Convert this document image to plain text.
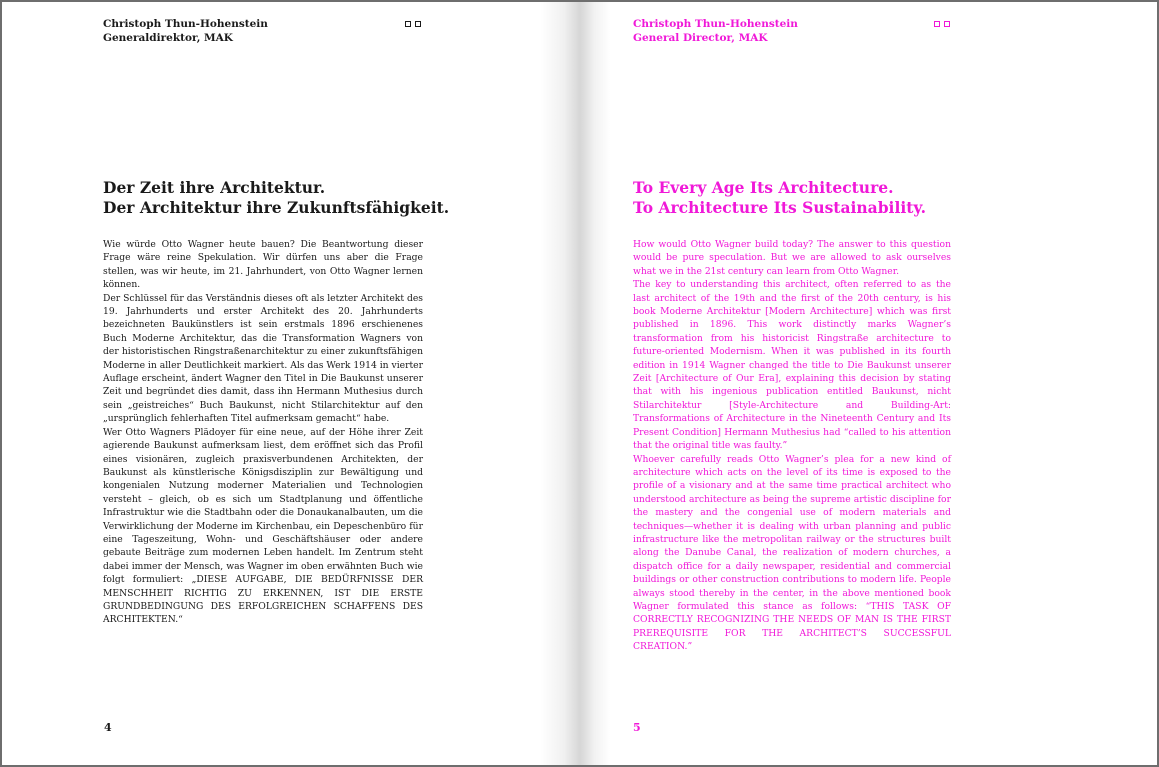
Christoph Thun-Hohenstein
Generaldirektor, MAK
Der Zeit ihre Architektur.
Der Architektur ihre Zukunftsfähigkeit.

Wie würde Otto Wagner heute bauen? Die Beantwortung dieser Frage wäre reine Spekulation. Wir dürfen uns aber die Frage stellen, was wir heute, im 21. Jahrhundert, von Otto Wagner lernen können.

Der Schlüssel für das Verständnis dieses oft als letzter Architekt des 19. Jahrhunderts und erster Architekt des 20. Jahrhunderts bezeichneten Baukünstlers ist sein erstmals 1896 erschienenes Buch Moderne Architektur, das die Transformation Wagners von der historistischen Ringstraßenarchitektur zu einer zukunftsfähigen Moderne in aller Deutlichkeit markiert. Als das Werk 1914 in vierter Auflage erscheint, ändert Wagner den Titel in Die Baukunst unserer Zeit und begründet dies damit, dass ihn Hermann Muthesius durch sein „geistreiches“ Buch Baukunst, nicht Stilarchitektur auf den „ursprünglich fehlerhaften Titel aufmerksam gemacht“ habe.

Wer Otto Wagners Plädoyer für eine neue, auf der Höhe ihrer Zeit agierende Baukunst aufmerksam liest, dem eröffnet sich das Profil eines visionären, zugleich praxisverbundenen Architekten, der Baukunst als künstlerische Königsdisziplin zur Bewältigung und kongenialen Nutzung moderner Materialien und Technologien versteht – gleich, ob es sich um Stadtplanung und öffentliche Infrastruktur wie die Stadtbahn oder die Donaukanalbauten, um die Verwirklichung der Moderne im Kirchenbau, ein Depeschenbüro für eine Tageszeitung, Wohn- und Geschäftshäuser oder andere gebaute Beiträge zum modernen Leben handelt. Im Zentrum steht dabei immer der Mensch, was Wagner im oben erwähnten Buch wie folgt formuliert: „DIESE AUFGABE, DIE BEDÜRFNISSE DER MENSCHHEIT RICHTIG ZU ERKENNEN, IST DIE ERSTE GRUNDBEDINGUNG DES ERFOLGREICHEN SCHAFFENS DES ARCHITEKTEN.“

4
Christoph Thun-Hohenstein
General Director, MAK
To Every Age Its Architecture.
To Architecture Its Sustainability.

How would Otto Wagner build today? The answer to this question would be pure speculation. But we are allowed to ask ourselves what we in the 21st century can learn from Otto Wagner.

The key to understanding this architect, often referred to as the last architect of the 19th and the first of the 20th century, is his book Moderne Architektur [Modern Architecture] which was first published in 1896. This work distinctly marks Wagner’s transformation from his historicist Ringstraße architecture to future-oriented Modernism. When it was published in its fourth edition in 1914 Wagner changed the title to Die Baukunst unserer Zeit [Architecture of Our Era], explaining this decision by stating that with his ingenious publication entitled Baukunst, nicht Stilarchitektur [Style-Architecture and Building-Art: Transformations of Architecture in the Nineteenth Century and Its Present Condition] Hermann Muthesius had “called to his attention that the original title was faulty.”

Whoever carefully reads Otto Wagner’s plea for a new kind of architecture which acts on the level of its time is exposed to the profile of a visionary and at the same time practical architect who understood architecture as being the supreme artistic discipline for the mastery and the congenial use of modern materials and techniques—whether it is dealing with urban planning and public infrastructure like the metropolitan railway or the structures built along the Danube Canal, the realization of modern churches, a dispatch office for a daily newspaper, residential and commercial buildings or other construction contributions to modern life. People always stood thereby in the center, in the above mentioned book Wagner formulated this stance as follows: “THIS TASK OF CORRECTLY RECOGNIZING THE NEEDS OF MAN IS THE FIRST PREREQUISITE FOR THE ARCHITECT’S SUCCESSFUL CREATION.”

5
